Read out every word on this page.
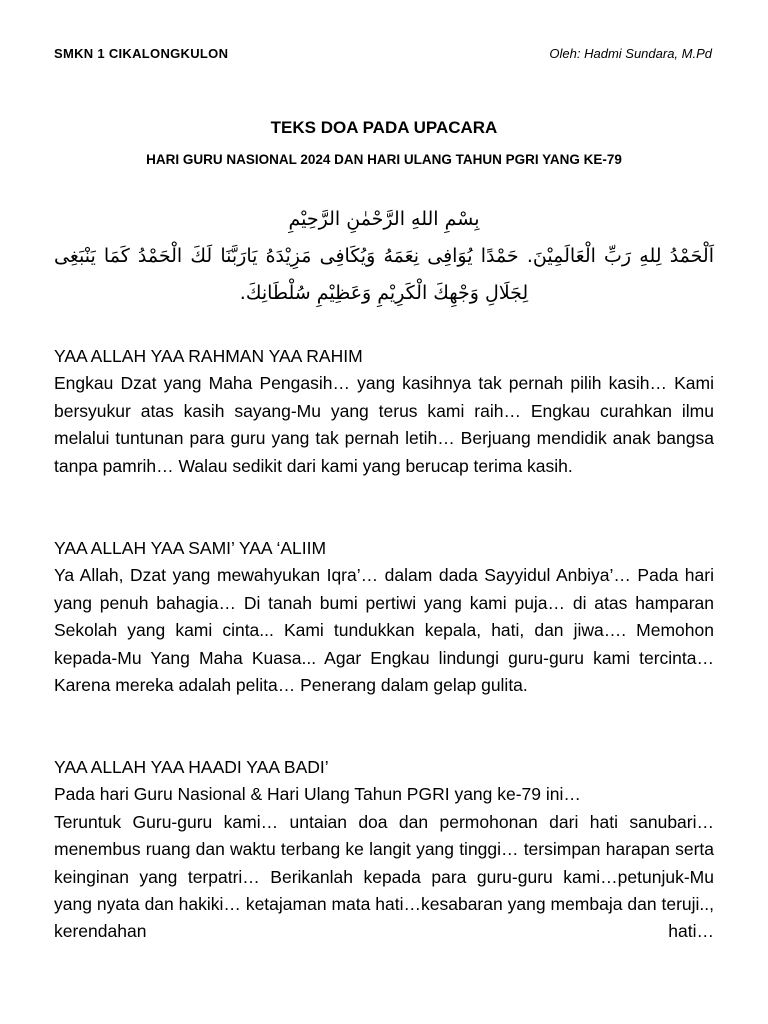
SMKN 1 CIKALONGKULON	Oleh: Hadmi Sundara, M.Pd
TEKS DOA PADA UPACARA
HARI GURU NASIONAL 2024 DAN HARI ULANG TAHUN PGRI YANG KE-79
بِسْمِ اللهِ الرَّحْمٰنِ الرَّحِيْمِ
اَلْحَمْدُ لِلهِ رَبِّ الْعَالَمِيْنَ. حَمْدًا يُوَافِى نِعَمَهُ وَيُكَافِى مَزِيْدَهُ يَارَبَّنَا لَكَ الْحَمْدُ كَمَا يَنْبَغِى
لِجَلَالِ وَجْهِكَ الْكَرِيْمِ وَعَظِيْمِ سُلْطَانِكَ.
YAA ALLAH YAA RAHMAN YAA RAHIM
Engkau Dzat yang Maha Pengasih… yang kasihnya tak pernah pilih kasih… Kami bersyukur atas kasih sayang-Mu yang terus kami raih… Engkau curahkan ilmu melalui tuntunan para guru yang tak pernah letih… Berjuang mendidik anak bangsa tanpa pamrih… Walau sedikit dari kami yang berucap terima kasih.
YAA ALLAH YAA SAMI’ YAA ‘ALIIM
Ya Allah, Dzat yang mewahyukan Iqra’… dalam dada Sayyidul Anbiya’… Pada hari yang penuh bahagia… Di tanah bumi pertiwi yang kami puja… di atas hamparan Sekolah yang kami cinta... Kami tundukkan kepala, hati, dan jiwa…. Memohon kepada-Mu Yang Maha Kuasa... Agar Engkau lindungi guru-guru kami tercinta…Karena mereka adalah pelita… Penerang dalam gelap gulita.
YAA ALLAH YAA HAADI YAA BADI’
Pada hari Guru Nasional & Hari Ulang Tahun PGRI yang ke-79 ini…
Teruntuk Guru-guru kami… untaian doa dan permohonan dari hati sanubari… menembus ruang dan waktu terbang ke langit yang tinggi… tersimpan harapan serta keinginan yang terpatri… Berikanlah kepada para guru-guru kami…petunjuk-Mu yang nyata dan hakiki… ketajaman mata hati…kesabaran yang membaja dan teruji.., kerendahan hati…
